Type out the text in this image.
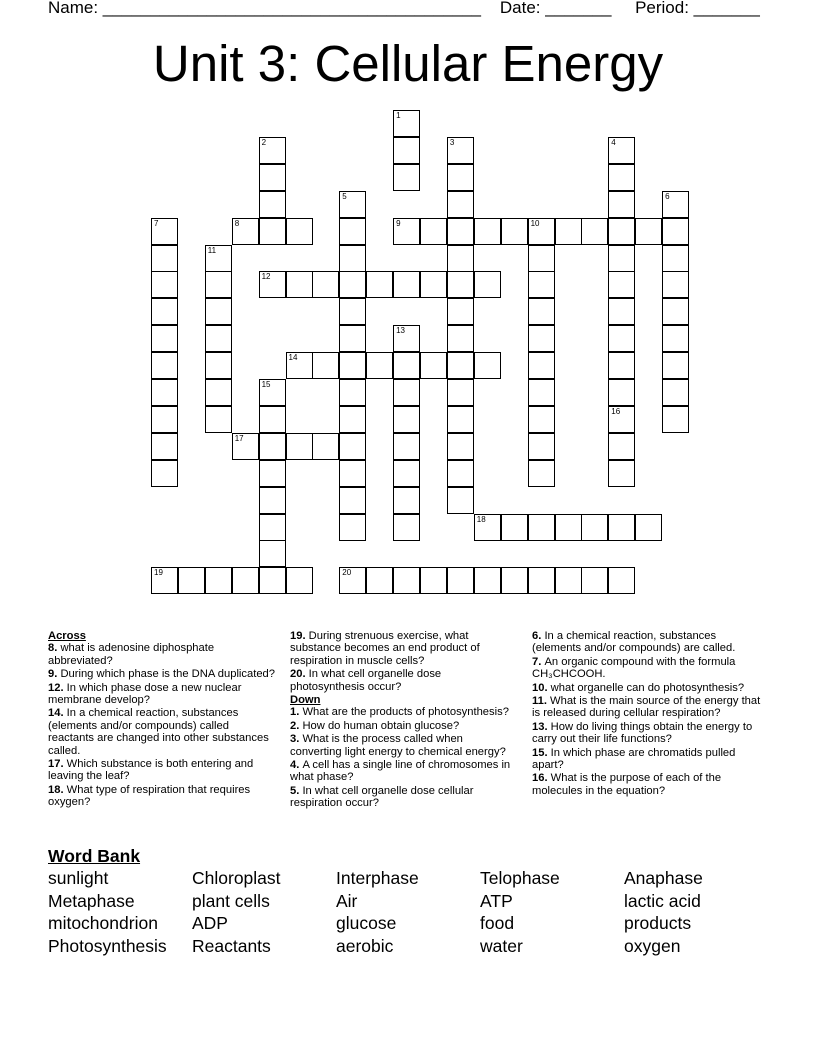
Name: ________________________________________ Date: _______ Period: _______
Unit 3: Cellular Energy
1
2	3	4
5	6
7	8	9	10
11
12
13
14
15
16
17
18
19	20
Across
8. what is adenosine diphosphate abbreviated?
9. During which phase is the DNA duplicated?
12. In which phase dose a new nuclear membrane develop?
14. In a chemical reaction, substances (elements and/or compounds) called reactants are changed into other substances called.
17. Which substance is both entering and leaving the leaf?
18. What type of respiration that requires oxygen?
19. During strenuous exercise, what substance becomes an end product of respiration in muscle cells?
20. In what cell organelle dose photosynthesis occur?
Down
1. What are the products of photosynthesis?
2. How do human obtain glucose?
3. What is the process called when converting light energy to chemical energy?
4. A cell has a single line of chromosomes in what phase?
5. In what cell organelle dose cellular respiration occur?
6. In a chemical reaction, substances (elements and/or compounds) are called.
7. An organic compound with the formula CH₃CHCOOH.
10. what organelle can do photosynthesis?
11. What is the main source of the energy that is released during cellular respiration?
13. How do living things obtain the energy to carry out their life functions?
15. In which phase are chromatids pulled apart?
16. What is the purpose of each of the molecules in the equation?
Word Bank
sunlight	Chloroplast	Interphase	Telophase	Anaphase
Metaphase	plant cells	Air	ATP	lactic acid
mitochondrion	ADP	glucose	food	products
Photosynthesis	Reactants	aerobic	water	oxygen
